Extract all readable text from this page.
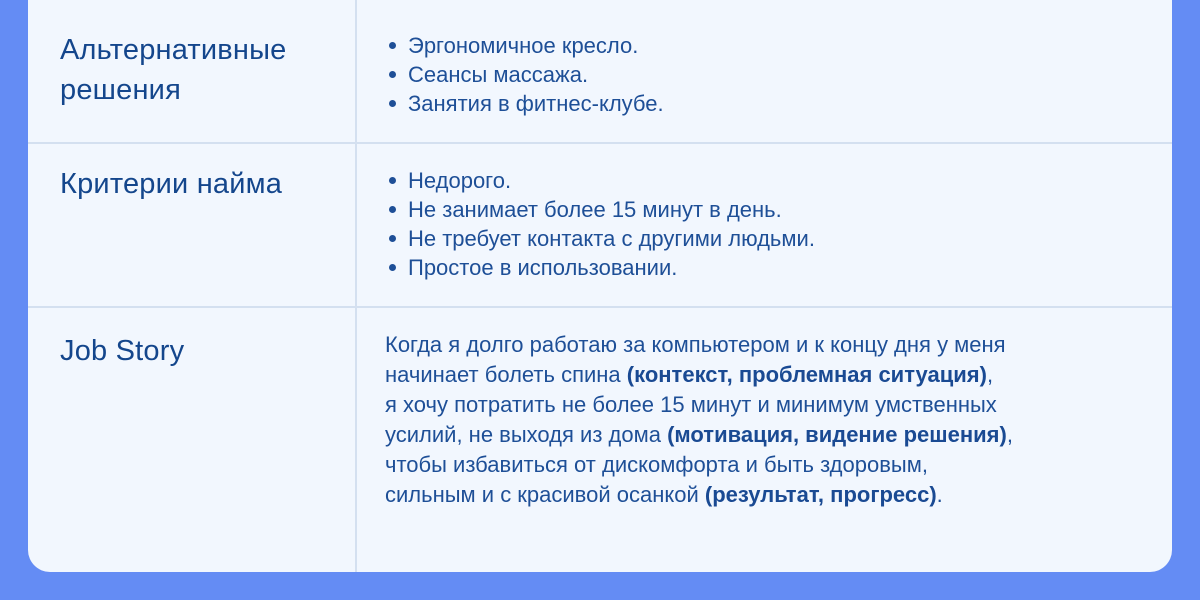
Альтернативные
решения
Эргономичное кресло.
Сеансы массажа.
Занятия в фитнес-клубе.
Критерии найма	Недорого.
Не занимает более 15 минут в день.
Не требует контакта с другими людьми.
Простое в использовании.
Job Story	Когда я долго работаю за компьютером и к концу дня у меня
начинает болеть спина (контекст, проблемная ситуация),
я хочу потратить не более 15 минут и минимум умственных
усилий, не выходя из дома (мотивация, видение решения),
чтобы избавиться от дискомфорта и быть здоровым,
сильным и с красивой осанкой (результат, прогресс).
